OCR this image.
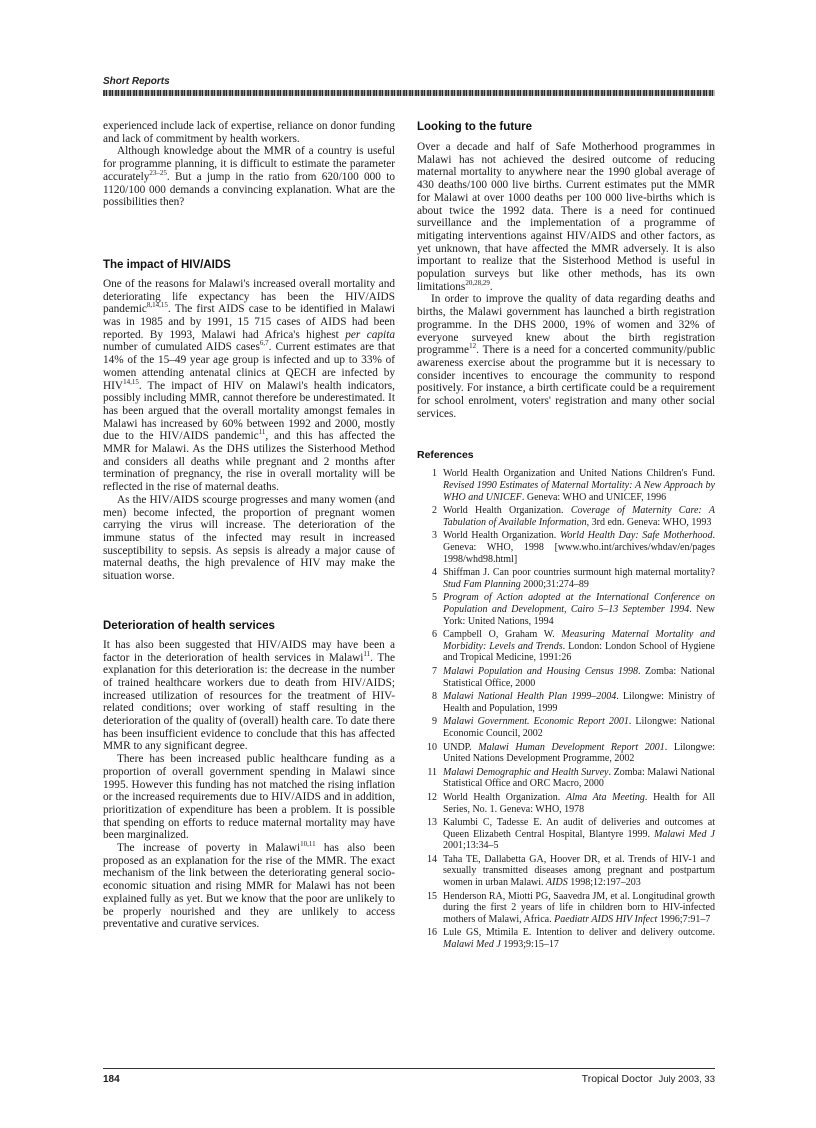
Short Reports

experienced include lack of expertise, reliance on donor funding and lack of commitment by health workers.

Although knowledge about the MMR of a country is useful for programme planning, it is difficult to estimate the parameter accurately$^{23-25}$. But a jump in the ratio from 620/100 000 to 1120/100 000 demands a convincing explanation. What are the possibilities then?

The impact of HIV/AIDS

One of the reasons for Malawi's increased overall mortality and deteriorating life expectancy has been the HIV/AIDS pandemic$^{8,14,15}$. The first AIDS case to be identified in Malawi was in 1985 and by 1991, 15 715 cases of AIDS had been reported. By 1993, Malawi had Africa's highest per capita number of cumulated AIDS cases$^{6,7}$. Current estimates are that 14% of the 15–49 year age group is infected and up to 33% of women attending antenatal clinics at QECH are infected by HIV$^{14,15}$. The impact of HIV on Malawi's health indicators, possibly including MMR, cannot therefore be underestimated. It has been argued that the overall mortality amongst females in Malawi has increased by 60% between 1992 and 2000, mostly due to the HIV/AIDS pandemic$^{11}$, and this has affected the MMR for Malawi. As the DHS utilizes the Sisterhood Method and considers all deaths while pregnant and 2 months after termination of pregnancy, the rise in overall mortality will be reflected in the rise of maternal deaths.

As the HIV/AIDS scourge progresses and many women (and men) become infected, the proportion of pregnant women carrying the virus will increase. The deterioration of the immune status of the infected may result in increased susceptibility to sepsis. As sepsis is already a major cause of maternal deaths, the high prevalence of HIV may make the situation worse.

Deterioration of health services

It has also been suggested that HIV/AIDS may have been a factor in the deterioration of health services in Malawi$^{11}$. The explanation for this deterioration is: the decrease in the number of trained healthcare workers due to death from HIV/AIDS; increased utilization of resources for the treatment of HIV-related conditions; over working of staff resulting in the deterioration of the quality of (overall) health care. To date there has been insufficient evidence to conclude that this has affected MMR to any significant degree.

There has been increased public healthcare funding as a proportion of overall government spending in Malawi since 1995. However this funding has not matched the rising inflation or the increased requirements due to HIV/AIDS and in addition, prioritization of expenditure has been a problem. It is possible that spending on efforts to reduce maternal mortality may have been marginalized.

The increase of poverty in Malawi$^{10,11}$ has also been proposed as an explanation for the rise of the MMR. The exact mechanism of the link between the deteriorating general socio-economic situation and rising MMR for Malawi has not been explained fully as yet. But we know that the poor are unlikely to be properly nourished and they are unlikely to access preventative and curative services.

Looking to the future

Over a decade and half of Safe Motherhood programmes in Malawi has not achieved the desired outcome of reducing maternal mortality to anywhere near the 1990 global average of 430 deaths/100 000 live births. Current estimates put the MMR for Malawi at over 1000 deaths per 100 000 live-births which is about twice the 1992 data. There is a need for continued surveillance and the implementation of a programme of mitigating interventions against HIV/AIDS and other factors, as yet unknown, that have affected the MMR adversely. It is also important to realize that the Sisterhood Method is useful in population surveys but like other methods, has its own limitations$^{20,28,29}$.

In order to improve the quality of data regarding deaths and births, the Malawi government has launched a birth registration programme. In the DHS 2000, 19% of women and 32% of everyone surveyed knew about the birth registration programme$^{12}$. There is a need for a concerted community/public awareness exercise about the programme but it is necessary to consider incentives to encourage the community to respond positively. For instance, a birth certificate could be a requirement for school enrolment, voters' registration and many other social services.

References
1 World Health Organization and United Nations Children's Fund. Revised 1990 Estimates of Maternal Mortality: A New Approach by WHO and UNICEF. Geneva: WHO and UNICEF, 1996
2 World Health Organization. Coverage of Maternity Care: A Tabulation of Available Information, 3rd edn. Geneva: WHO, 1993
3 World Health Organization. World Health Day: Safe Motherhood. Geneva: WHO, 1998 [www.who.int/archives/whdav/en/pages 1998/whd98.html]
4 Shiffman J. Can poor countries surmount high maternal mortality? Stud Fam Planning 2000;31:274–89
5 Program of Action adopted at the International Conference on Population and Development, Cairo 5–13 September 1994. New York: United Nations, 1994
6 Campbell O, Graham W. Measuring Maternal Mortality and Morbidity: Levels and Trends. London: London School of Hygiene and Tropical Medicine, 1991:26
7 Malawi Population and Housing Census 1998. Zomba: National Statistical Office, 2000
8 Malawi National Health Plan 1999–2004. Lilongwe: Ministry of Health and Population, 1999
9 Malawi Government. Economic Report 2001. Lilongwe: National Economic Council, 2002
10 UNDP. Malawi Human Development Report 2001. Lilongwe: United Nations Development Programme, 2002
11 Malawi Demographic and Health Survey. Zomba: Malawi National Statistical Office and ORC Macro, 2000
12 World Health Organization. Alma Ata Meeting. Health for All Series, No. 1. Geneva: WHO, 1978
13 Kalumbi C, Tadesse E. An audit of deliveries and outcomes at Queen Elizabeth Central Hospital, Blantyre 1999. Malawi Med J 2001;13:34–5
14 Taha TE, Dallabetta GA, Hoover DR, et al. Trends of HIV-1 and sexually transmitted diseases among pregnant and postpartum women in urban Malawi. AIDS 1998;12:197–203
15 Henderson RA, Miotti PG, Saavedra JM, et al. Longitudinal growth during the first 2 years of life in children born to HIV-infected mothers of Malawi, Africa. Paediatr AIDS HIV Infect 1996;7:91–7
16 Lule GS, Mtimila E. Intention to deliver and delivery outcome. Malawi Med J 1993;9:15–17
184	Tropical Doctor July 2003, 33
